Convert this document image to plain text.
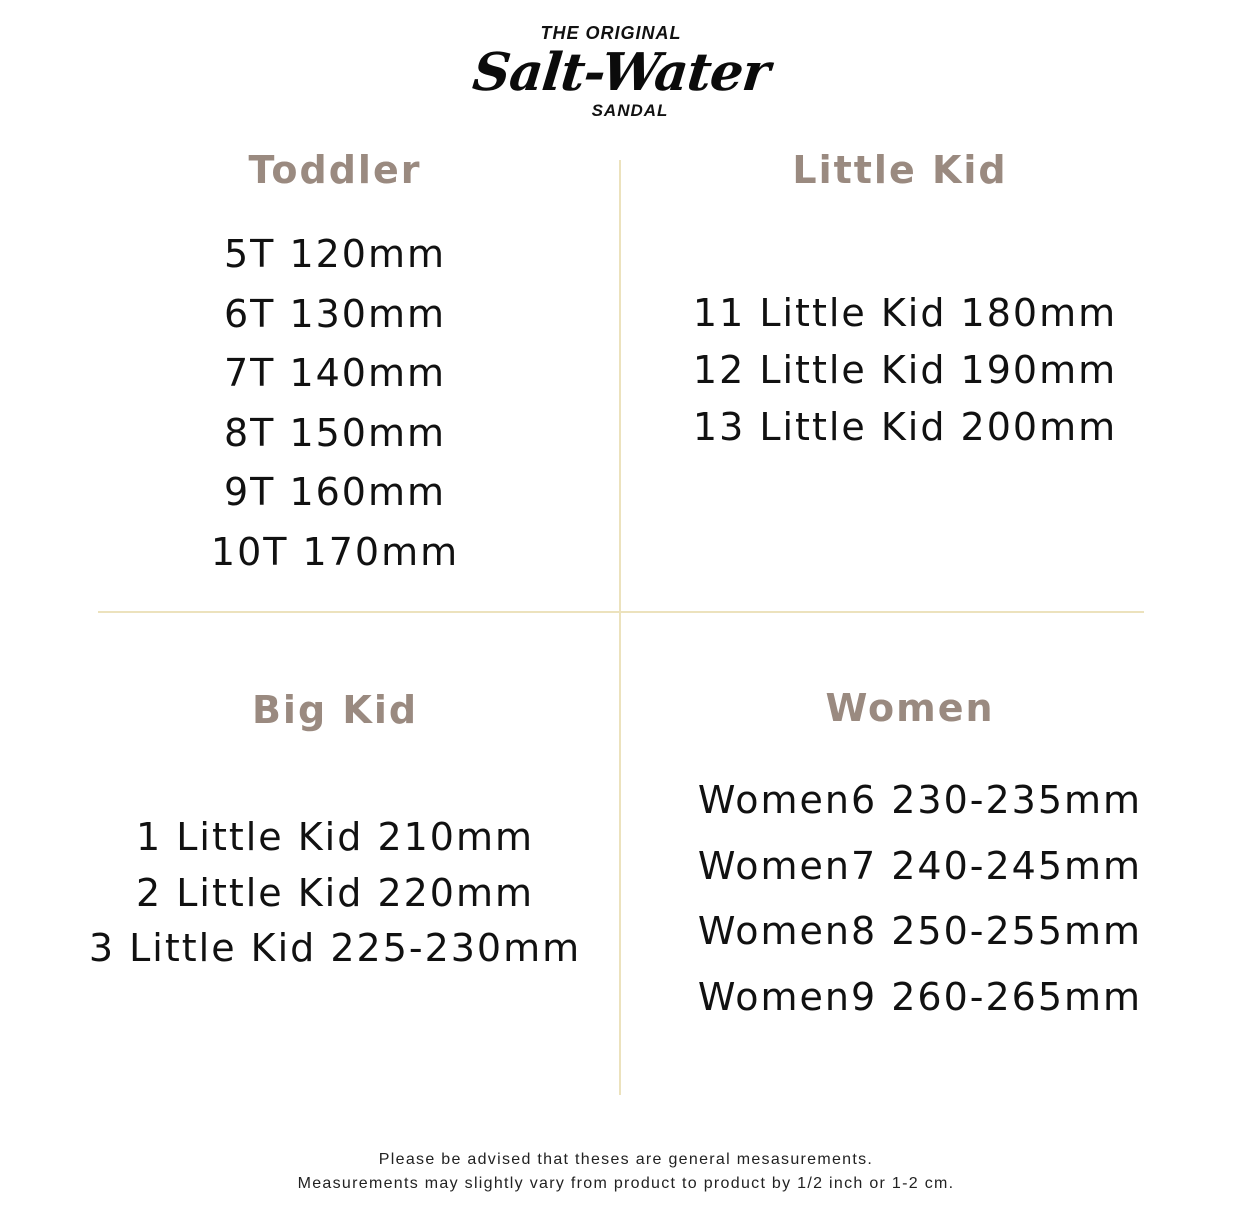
THE ORIGINAL
Salt-Water
SANDAL
Toddler
5T 120mm
6T 130mm
7T 140mm
8T 150mm
9T 160mm
10T 170mm
Little Kid
11 Little Kid 180mm
12 Little Kid 190mm
13 Little Kid 200mm
Big Kid
1 Little Kid 210mm
2 Little Kid 220mm
3 Little Kid 225-230mm
Women
Women6 230-235mm
Women7 240-245mm
Women8 250-255mm
Women9 260-265mm
Please be advised that theses are general mesasurements.
Measurements may slightly vary from product to product by 1/2 inch or 1-2 cm.
